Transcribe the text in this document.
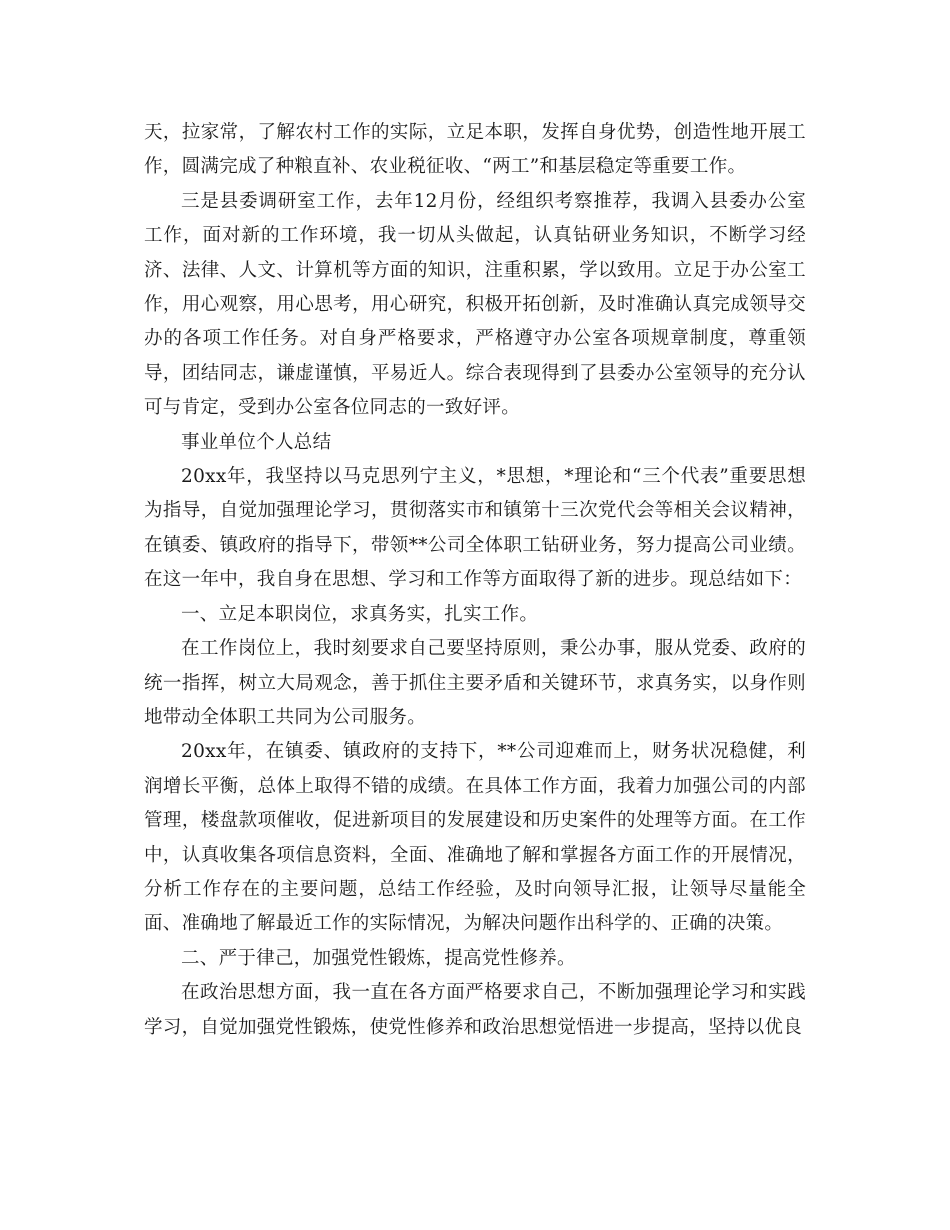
天，拉家常，了解农村工作的实际，立足本职，发挥自身优势，创造性地开展工作，圆满完成了种粮直补、农业税征收、“两工”和基层稳定等重要工作。

三是县委调研室工作，去年12月份，经组织考察推荐，我调入县委办公室工作，面对新的工作环境，我一切从头做起，认真钻研业务知识，不断学习经济、法律、人文、计算机等方面的知识，注重积累，学以致用。立足于办公室工作，用心观察，用心思考，用心研究，积极开拓创新，及时准确认真完成领导交办的各项工作任务。对自身严格要求，严格遵守办公室各项规章制度，尊重领导，团结同志，谦虚谨慎，平易近人。综合表现得到了县委办公室领导的充分认可与肯定，受到办公室各位同志的一致好评。

事业单位个人总结

20xx年，我坚持以马克思列宁主义，*思想，*理论和“三个代表”重要思想为指导，自觉加强理论学习，贯彻落实市和镇第十三次党代会等相关会议精神，在镇委、镇政府的指导下，带领**公司全体职工钻研业务，努力提高公司业绩。在这一年中，我自身在思想、学习和工作等方面取得了新的进步。现总结如下：

一、立足本职岗位，求真务实，扎实工作。

在工作岗位上，我时刻要求自己要坚持原则，秉公办事，服从党委、政府的统一指挥，树立大局观念，善于抓住主要矛盾和关键环节，求真务实，以身作则地带动全体职工共同为公司服务。

20xx年，在镇委、镇政府的支持下，**公司迎难而上，财务状况稳健，利润增长平衡，总体上取得不错的成绩。在具体工作方面，我着力加强公司的内部管理，楼盘款项催收，促进新项目的发展建设和历史案件的处理等方面。在工作中，认真收集各项信息资料，全面、准确地了解和掌握各方面工作的开展情况，分析工作存在的主要问题，总结工作经验，及时向领导汇报，让领导尽量能全面、准确地了解最近工作的实际情况，为解决问题作出科学的、正确的决策。

二、严于律己，加强党性锻炼，提高党性修养。

在政治思想方面，我一直在各方面严格要求自己，不断加强理论学习和实践学习，自觉加强党性锻炼，使党性修养和政治思想觉悟进一步提高，坚持以优良
